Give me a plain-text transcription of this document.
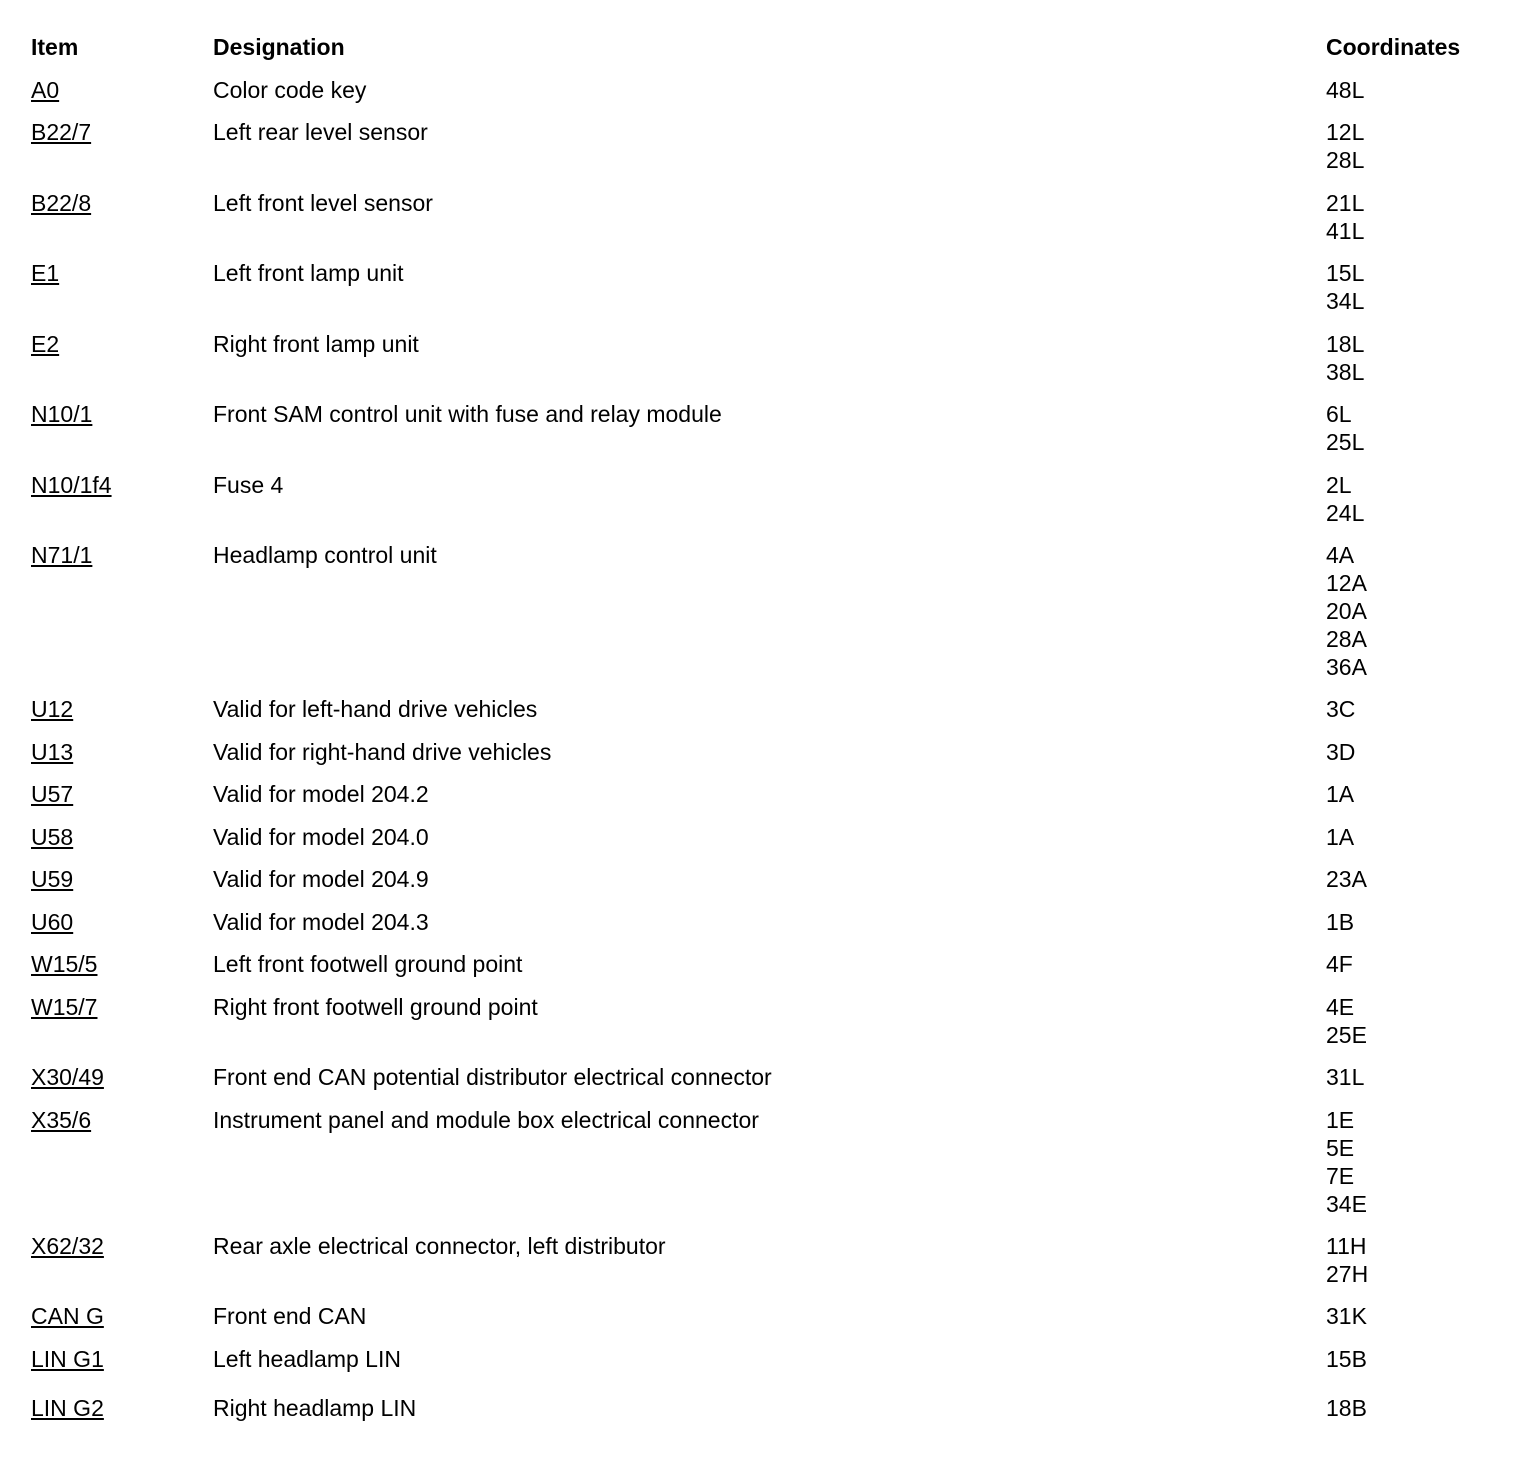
Item	Designation	Coordinates
A0	Color code key	48L
B22/7	Left rear level sensor	12L
28L
B22/8	Left front level sensor	21L
41L
E1	Left front lamp unit	15L
34L
E2	Right front lamp unit	18L
38L
N10/1	Front SAM control unit with fuse and relay module	6L
25L
N10/1f4	Fuse 4	2L
24L
N71/1	Headlamp control unit	4A
12A
20A
28A
36A
U12	Valid for left-hand drive vehicles	3C
U13	Valid for right-hand drive vehicles	3D
U57	Valid for model 204.2	1A
U58	Valid for model 204.0	1A
U59	Valid for model 204.9	23A
U60	Valid for model 204.3	1B
W15/5	Left front footwell ground point	4F
W15/7	Right front footwell ground point	4E
25E
X30/49	Front end CAN potential distributor electrical connector	31L
X35/6	Instrument panel and module box electrical connector	1E
5E
7E
34E
X62/32	Rear axle electrical connector, left distributor	11H
27H
CAN G	Front end CAN	31K
LIN G1	Left headlamp LIN	15B
LIN G2	Right headlamp LIN	18B
